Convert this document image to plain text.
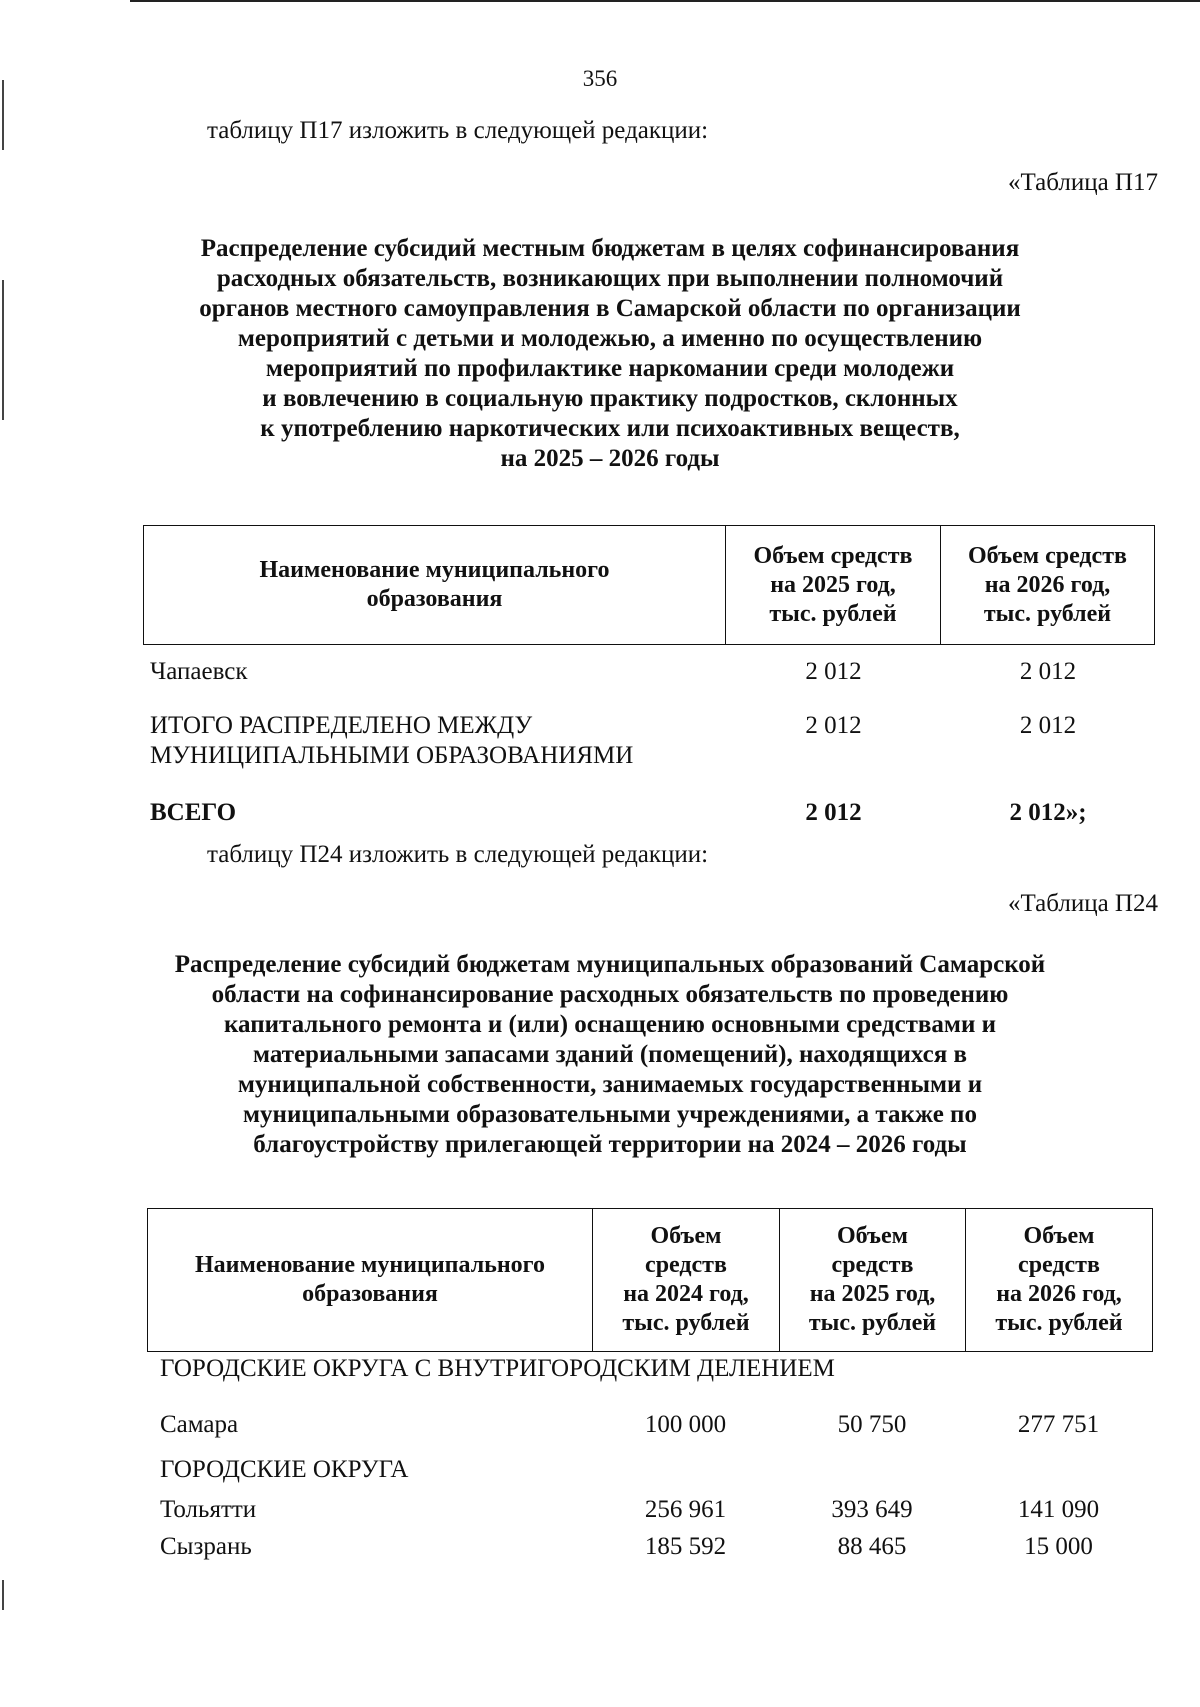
356
таблицу П17 изложить в следующей редакции:
«Таблица П17
Распределение субсидий местным бюджетам в целях софинансирования
расходных обязательств, возникающих при выполнении полномочий
органов местного самоуправления в Самарской области по организации
мероприятий с детьми и молодежью, а именно по осуществлению
мероприятий по профилактике наркомании среди молодежи
и вовлечению в социальную практику подростков, склонных
к употреблению наркотических или психоактивных веществ,
на 2025 – 2026 годы
Наименование муниципального
образования

Объем средств
на 2025 год,
тыс. рублей

Объем средств
на 2026 год,
тыс. рублей
Чапаевск	2 012	2 012
ИТОГО РАСПРЕДЕЛЕНО МЕЖДУ
МУНИЦИПАЛЬНЫМИ ОБРАЗОВАНИЯМИ
2 012	2 012
ВСЕГО	2 012	2 012»;
таблицу П24 изложить в следующей редакции:
«Таблица П24
Распределение субсидий бюджетам муниципальных образований Самарской
области на софинансирование расходных обязательств по проведению
капитального ремонта и (или) оснащению основными средствами и
материальными запасами зданий (помещений), находящихся в
муниципальной собственности, занимаемых государственными и
муниципальными образовательными учреждениями, а также по
благоустройству прилегающей территории на 2024 – 2026 годы
Наименование муниципального
образования

Объем
средств
на 2024 год,
тыс. рублей

Объем
средств
на 2025 год,
тыс. рублей

Объем
средств
на 2026 год,
тыс. рублей
ГОРОДСКИЕ ОКРУГА С ВНУТРИГОРОДСКИМ ДЕЛЕНИЕМ
Самара	100 000	50 750	277 751
ГОРОДСКИЕ ОКРУГА
Тольятти	256 961	393 649	141 090
Сызрань	185 592	88 465	15 000
